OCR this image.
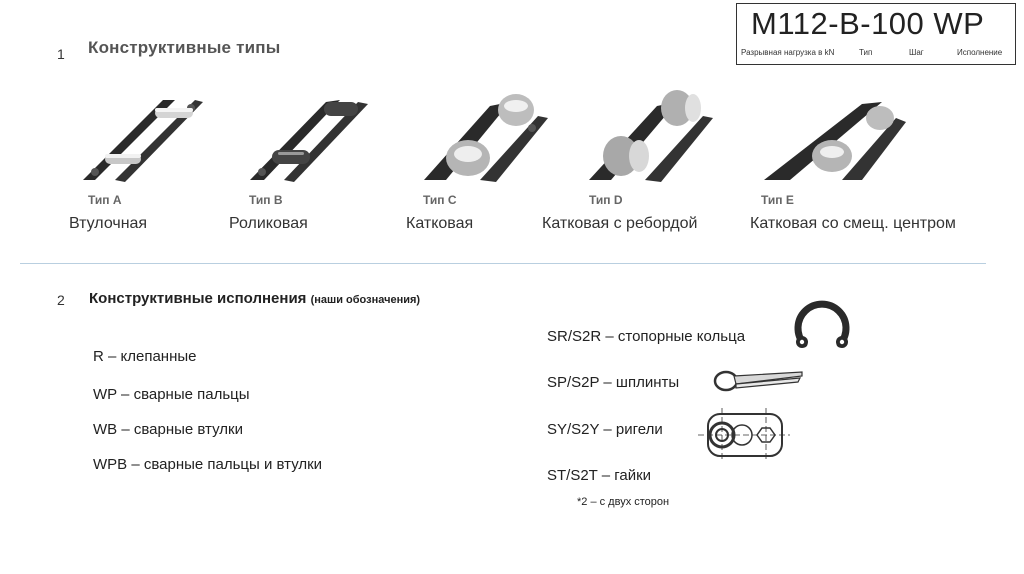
M112-B-100 WP
Разрывная нагрузка в kN	Тип	Шаг	Исполнение
1 Конструктивные типы
Тип А	Тип В	Тип С	Тип D	Тип Е
Втулочная	Роликовая	Катковая	Катковая с ребордой	Катковая со смещ. центром
2 Конструктивные исполнения (наши обозначения)
R – клепанные
WP – сварные пальцы
WB – сварные втулки
WPB – сварные пальцы и втулки
SR/S2R – стопорные кольца
SP/S2P – шплинты
SY/S2Y – ригели
ST/S2T – гайки
*2 – с двух сторон
